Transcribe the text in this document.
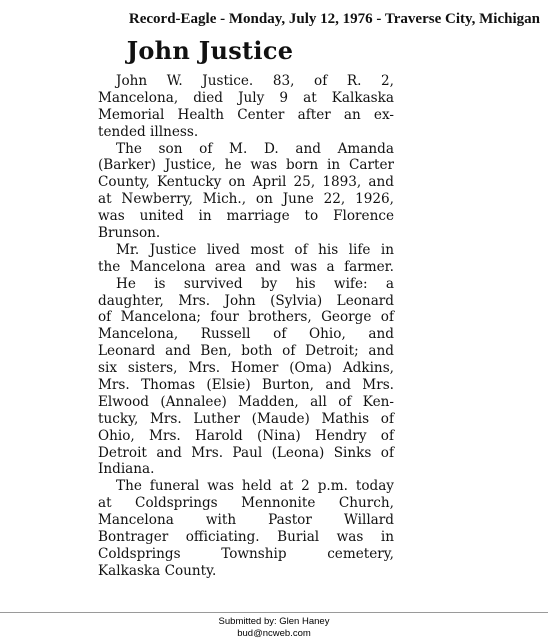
Record-Eagle - Monday, July 12, 1976 - Traverse City, Michigan
John Justice
John W. Justice. 83, of R. 2,
Mancelona, died July 9 at Kalkaska
Memorial Health Center after an ex-
tended illness.
The son of M. D. and Amanda
(Barker) Justice, he was born in Carter
County, Kentucky on April 25, 1893, and
at Newberry, Mich., on June 22, 1926,
was united in marriage to Florence
Brunson.
Mr. Justice lived most of his life in
the Mancelona area and was a farmer.
He is survived by his wife: a
daughter, Mrs. John (Sylvia) Leonard
of Mancelona; four brothers, George of
Mancelona, Russell of Ohio, and
Leonard and Ben, both of Detroit; and
six sisters, Mrs. Homer (Oma) Adkins,
Mrs. Thomas (Elsie) Burton, and Mrs.
Elwood (Annalee) Madden, all of Ken-
tucky, Mrs. Luther (Maude) Mathis of
Ohio, Mrs. Harold (Nina) Hendry of
Detroit and Mrs. Paul (Leona) Sinks of
Indiana.
The funeral was held at 2 p.m. today
at Coldsprings Mennonite Church,
Mancelona with Pastor Willard
Bontrager officiating. Burial was in
Coldsprings Township cemetery,
Kalkaska County.
Submitted by: Glen Haney
bud@ncweb.com
